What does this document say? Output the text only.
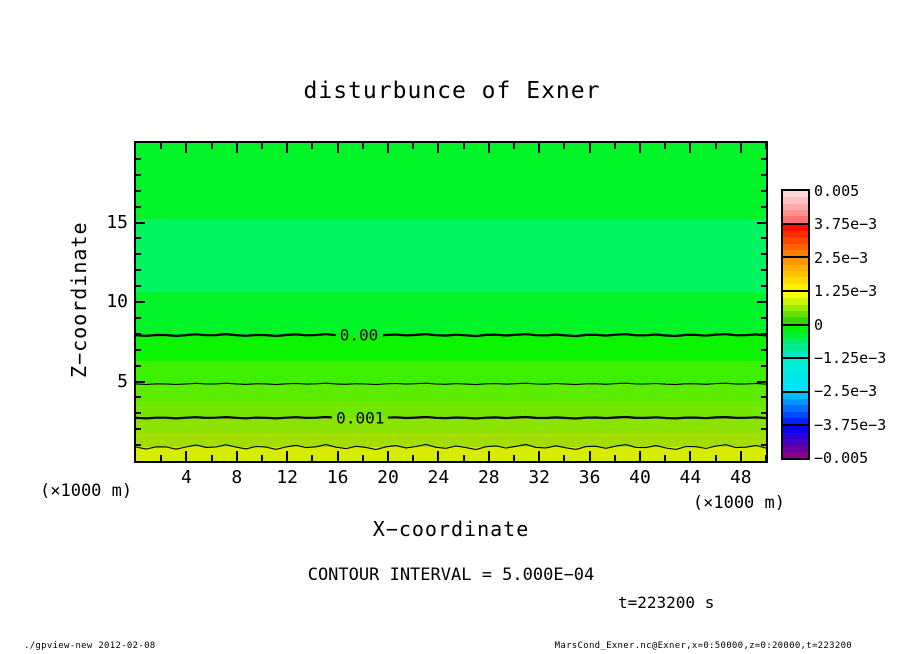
disturbunce of Exner
Z−coordinate	0.00
0.001
5
10
15
4	8	12	16	20	24	28	32	36	40	44	48
(×1000 m)
(×1000 m)
X−coordinate
CONTOUR INTERVAL = 5.000E−04
t=223200 s
./gpview-new 2012-02-08	MarsCond_Exner.nc@Exner,x=0:50000,z=0:20000,t=223200
0.005
3.75e−3
2.5e−3
1.25e−3
0
−1.25e−3
−2.5e−3
−3.75e−3
−0.005
